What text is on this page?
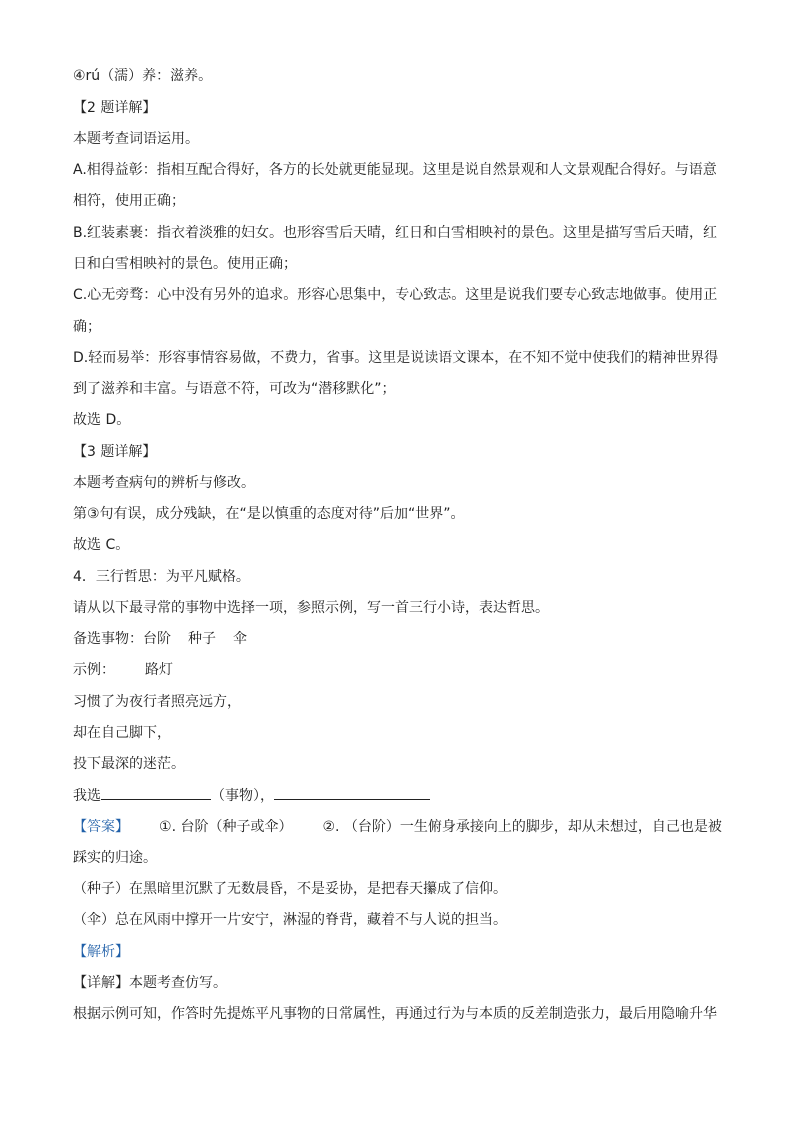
④rú（濡）养：滋养。
【2 题详解】
本题考查词语运用。
A.相得益彰：指相互配合得好，各方的长处就更能显现。这里是说自然景观和人文景观配合得好。与语意
相符，使用正确；
B.红装素裹：指衣着淡雅的妇女。也形容雪后天晴，红日和白雪相映衬的景色。这里是描写雪后天晴，红
日和白雪相映衬的景色。使用正确；
C.心无旁骛：心中没有另外的追求。形容心思集中，专心致志。这里是说我们要专心致志地做事。使用正
确；
D.轻而易举：形容事情容易做，不费力，省事。这里是说读语文课本，在不知不觉中使我们的精神世界得
到了滋养和丰富。与语意不符，可改为“潜移默化”；
故选 D。
【3 题详解】
本题考查病句的辨析与修改。
第③句有误，成分残缺，在“是以慎重的态度对待”后加“世界”。
故选 C。
4．三行哲思：为平凡赋格。
请从以下最寻常的事物中选择一项，参照示例，写一首三行小诗，表达哲思。
备选事物：台阶 种子 伞
示例： 路灯
习惯了为夜行者照亮远方，
却在自己脚下，
投下最深的迷茫。
我选	（事物），
【答案】 ①. 台阶（种子或伞） ②. （台阶）一生俯身承接向上的脚步，却从未想过，自己也是被
踩实的归途。
（种子）在黑暗里沉默了无数晨昏，不是妥协，是把春天攥成了信仰。
（伞）总在风雨中撑开一片安宁，淋湿的脊背，藏着不与人说的担当。
【解析】
【详解】本题考查仿写。
根据示例可知，作答时先提炼平凡事物的日常属性，再通过行为与本质的反差制造张力，最后用隐喻升华
